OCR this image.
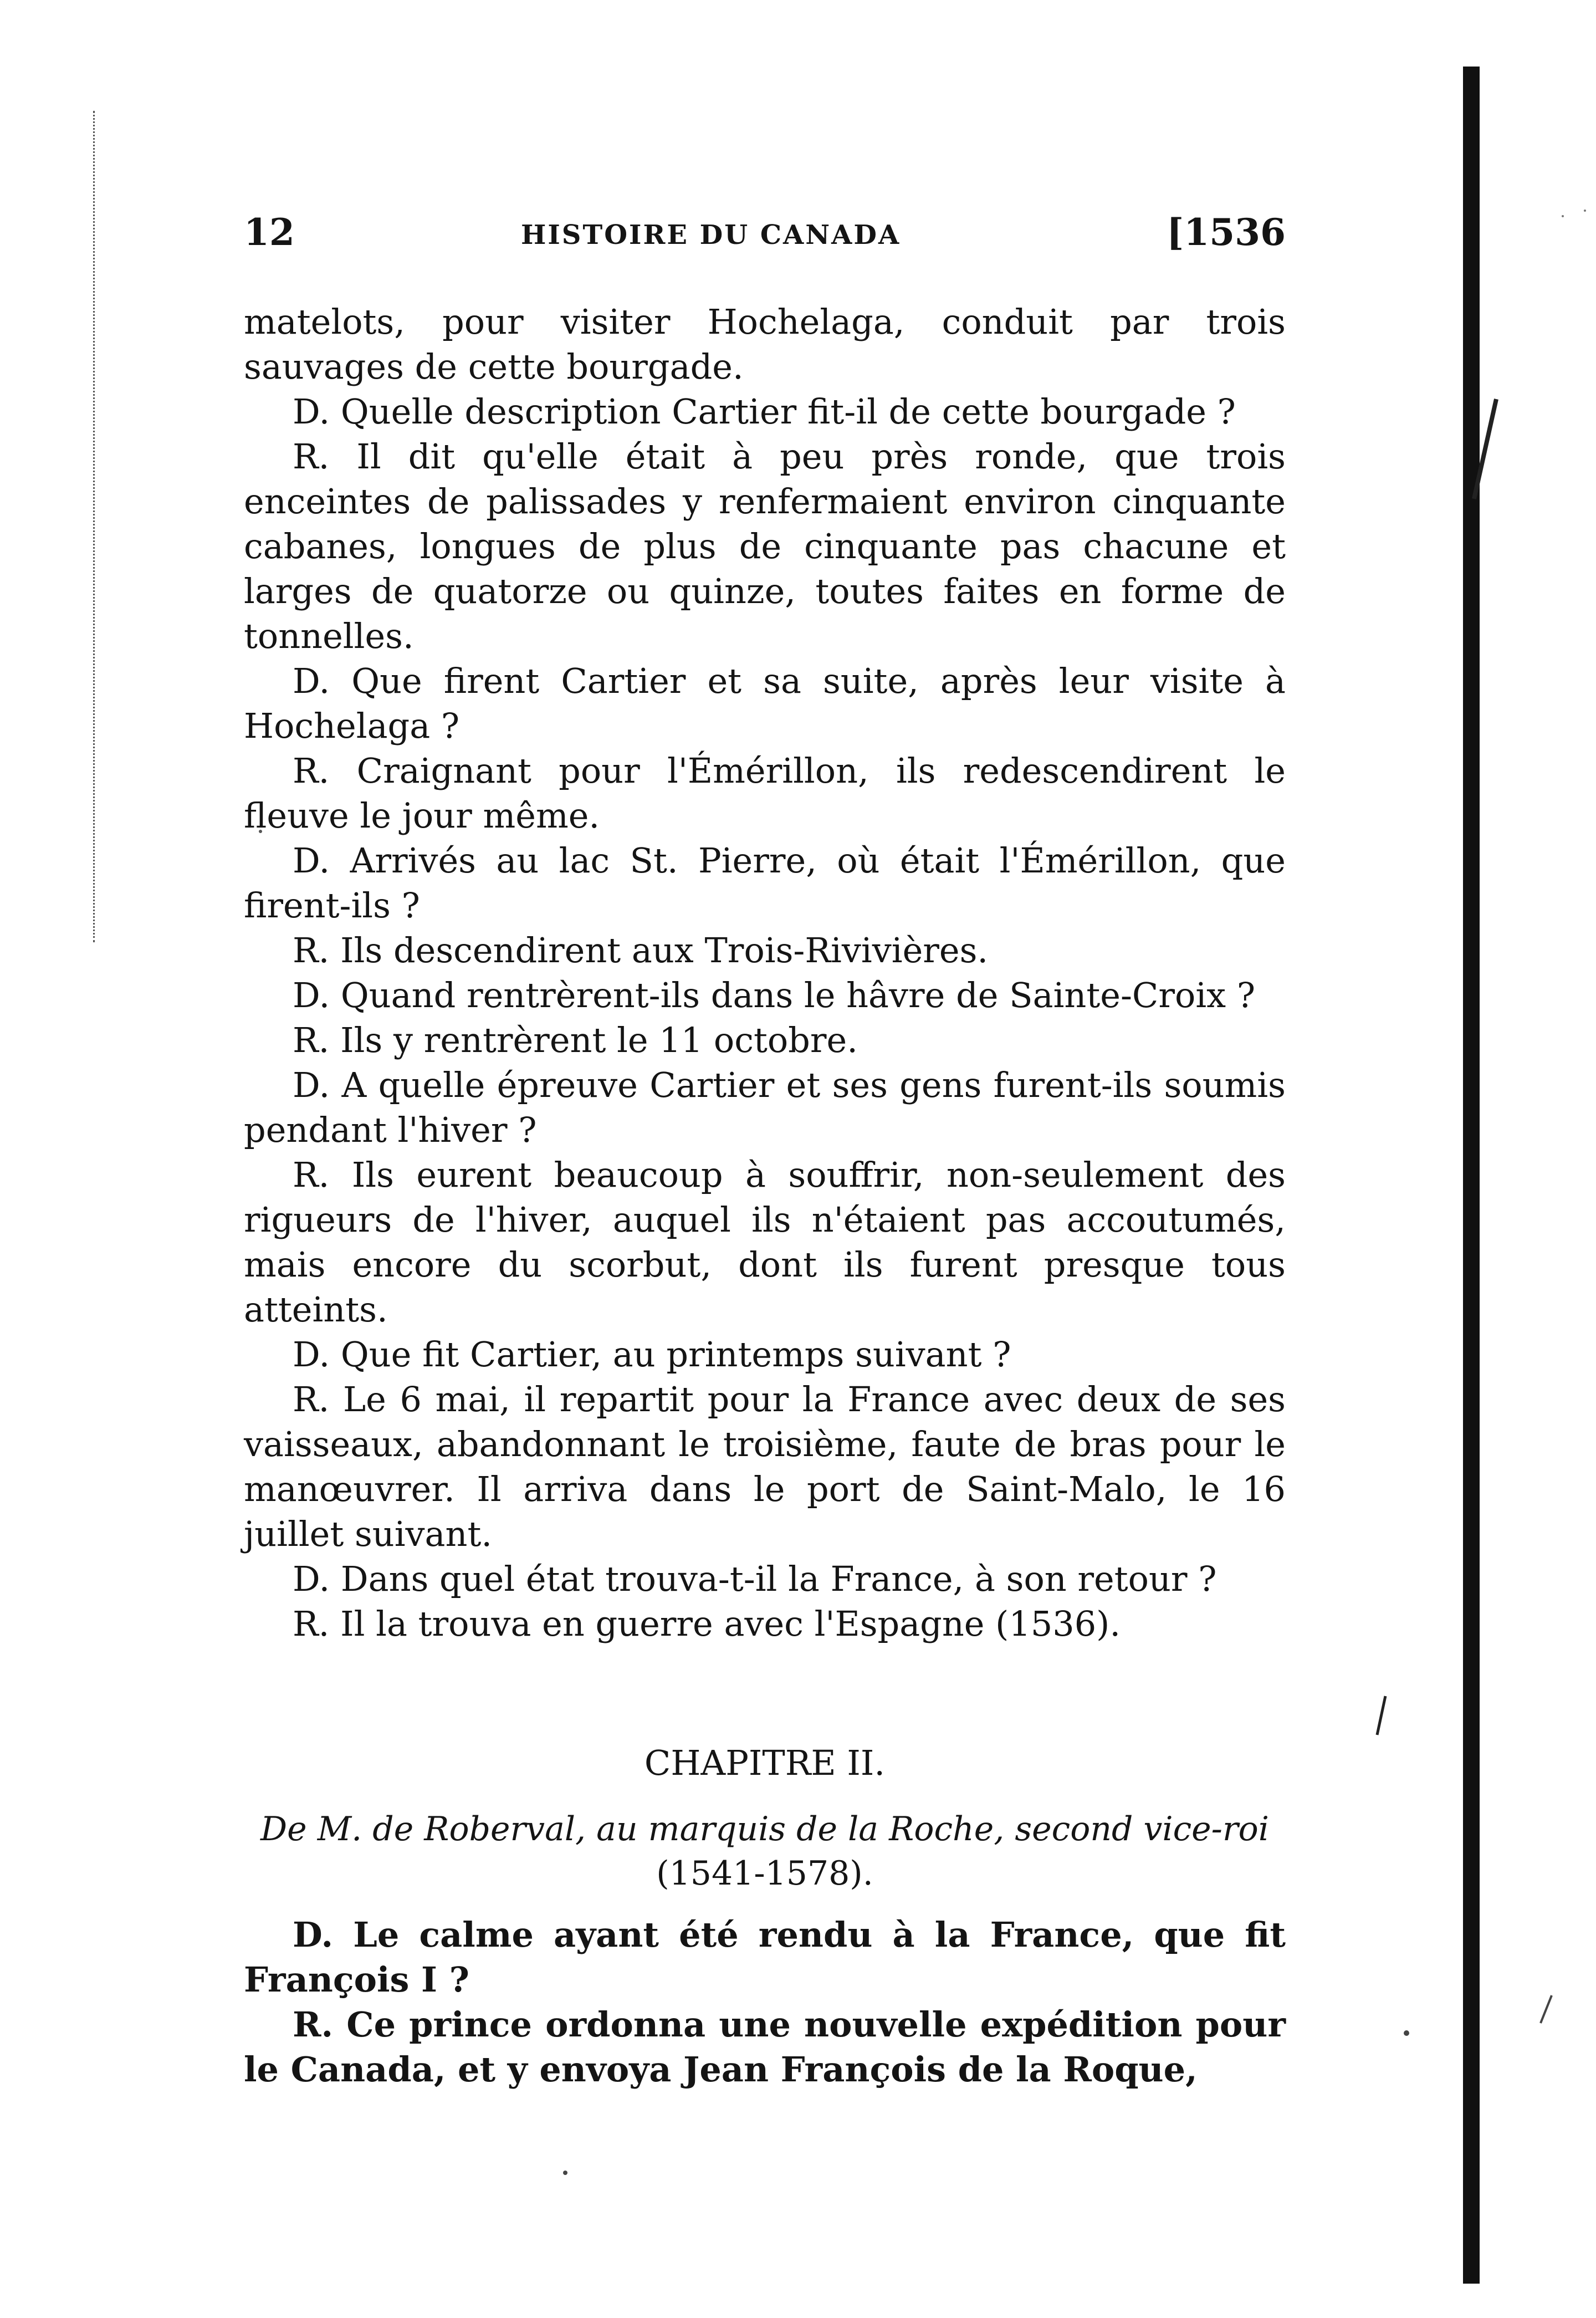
12	HISTOIRE DU CANADA	[1536

matelots, pour visiter Hochelaga, conduit par trois sauvages de cette bourgade.

D. Quelle description Cartier fit-il de cette bourgade ?

R. Il dit qu'elle était à peu près ronde, que trois enceintes de palissades y renfermaient environ cinquante cabanes, longues de plus de cinquante pas chacune et larges de quatorze ou quinze, toutes faites en forme de tonnelles.

D. Que firent Cartier et sa suite, après leur visite à Hochelaga ?

R. Craignant pour l'Émérillon, ils redescendirent le fleuve le jour même.

D. Arrivés au lac St. Pierre, où était l'Émérillon, que firent-ils ?

R. Ils descendirent aux Trois-Rivivières.

D. Quand rentrèrent-ils dans le hâvre de Sainte-Croix ?

R. Ils y rentrèrent le 11 octobre.

D. A quelle épreuve Cartier et ses gens furent-ils soumis pendant l'hiver ?

R. Ils eurent beaucoup à souffrir, non-seulement des rigueurs de l'hiver, auquel ils n'étaient pas accoutumés, mais encore du scorbut, dont ils furent presque tous atteints.

D. Que fit Cartier, au printemps suivant ?

R. Le 6 mai, il repartit pour la France avec deux de ses vaisseaux, abandonnant le troisième, faute de bras pour le manœuvrer. Il arriva dans le port de Saint-Malo, le 16 juillet suivant.

D. Dans quel état trouva-t-il la France, à son retour ?

R. Il la trouva en guerre avec l'Espagne (1536).

CHAPITRE II.
De M. de Roberval, au marquis de la Roche, second vice-roi (1541-1578).

D. Le calme ayant été rendu à la France, que fit François I ?

R. Ce prince ordonna une nouvelle expédition pour le Canada, et y envoya Jean François de la Roque,
